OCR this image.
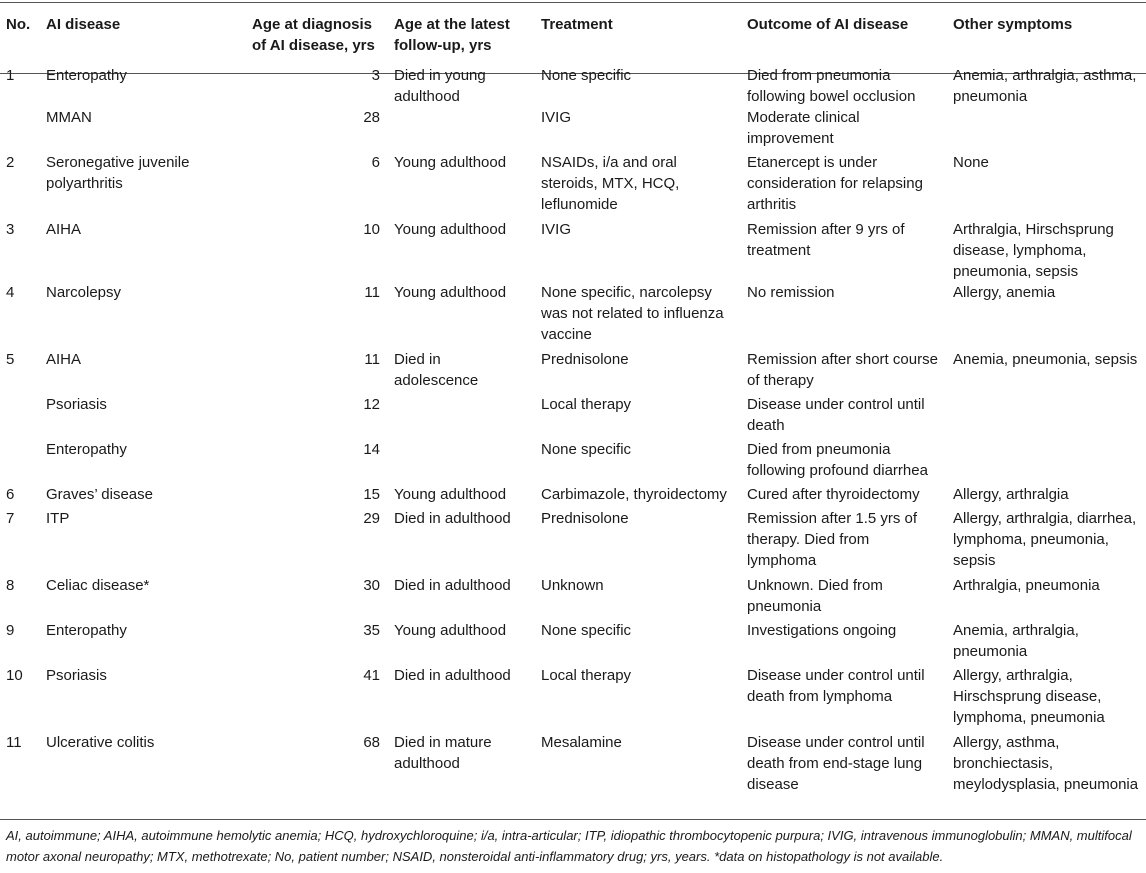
No.	AI disease	Age at diagnosis of AI disease, yrs	Age at the latest follow-up, yrs	Treatment	Outcome of AI disease	Other symptoms
1	Enteropathy	3	Died in young adulthood	None specific	Died from pneumonia following bowel occlusion	Anemia, arthralgia, asthma, pneumonia
	MMAN	28		IVIG	Moderate clinical improvement	
2	Seronegative juvenile polyarthritis	6	Young adulthood	NSAIDs, i/a and oral steroids, MTX, HCQ, leflunomide	Etanercept is under consideration for relapsing arthritis	None
3	AIHA	10	Young adulthood	IVIG	Remission after 9 yrs of treatment	Arthralgia, Hirschsprung disease, lymphoma, pneumonia, sepsis
4	Narcolepsy	11	Young adulthood	None specific, narcolepsy was not related to influenza vaccine	No remission	Allergy, anemia
5	AIHA	11	Died in adolescence	Prednisolone	Remission after short course of therapy	Anemia, pneumonia, sepsis
	Psoriasis	12		Local therapy	Disease under control until death	
	Enteropathy	14		None specific	Died from pneumonia following profound diarrhea	
6	Graves’ disease	15	Young adulthood	Carbimazole, thyroidectomy	Cured after thyroidectomy	Allergy, arthralgia
7	ITP	29	Died in adulthood	Prednisolone	Remission after 1.5 yrs of therapy. Died from lymphoma	Allergy, arthralgia, diarrhea, lymphoma, pneumonia, sepsis
8	Celiac disease*	30	Died in adulthood	Unknown	Unknown. Died from pneumonia	Arthralgia, pneumonia
9	Enteropathy	35	Young adulthood	None specific	Investigations ongoing	Anemia, arthralgia, pneumonia
10	Psoriasis	41	Died in adulthood	Local therapy	Disease under control until death from lymphoma	Allergy, arthralgia, Hirschsprung disease, lymphoma, pneumonia
11	Ulcerative colitis	68	Died in mature adulthood	Mesalamine	Disease under control until death from end-stage lung disease	Allergy, asthma, bronchiectasis, meylodysplasia, pneumonia
AI, autoimmune; AIHA, autoimmune hemolytic anemia; HCQ, hydroxychloroquine; i/a, intra-articular; ITP, idiopathic thrombocytopenic purpura; IVIG, intravenous immunoglobulin; MMAN, multifocal motor axonal neuropathy; MTX, methotrexate; No, patient number; NSAID, nonsteroidal anti-inflammatory drug; yrs, years. *data on histopathology is not available.
